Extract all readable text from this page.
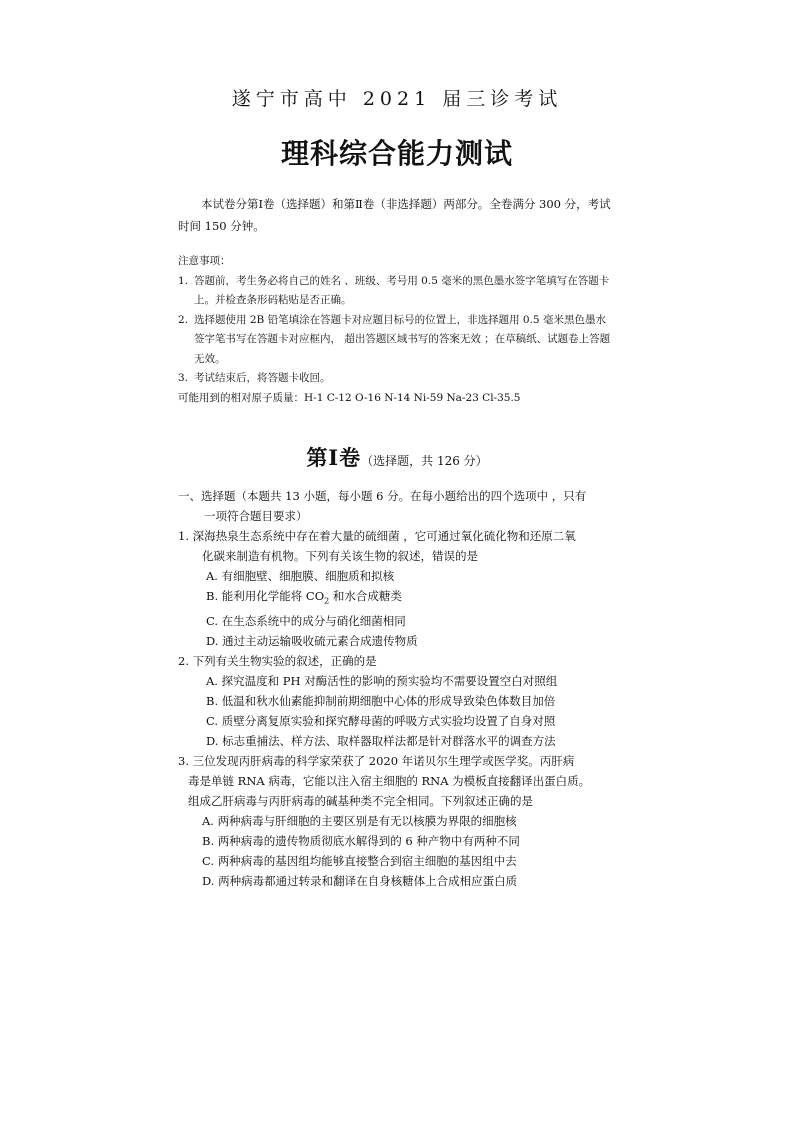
遂宁市高中 2021 届三诊考试
理科综合能力测试
本试卷分第Ⅰ卷（选择题）和第Ⅱ卷（非选择题）两部分。全卷满分 300 分，考试时间 150 分钟。
注意事项：
1. 答题前，考生务必将自己的姓名 、班级、考号用 0.5 毫米的黑色墨水签字笔填写在答题卡
上。并检查条形码粘贴是否正确。
2. 选择题使用 2B 铅笔填涂在答题卡对应题目标号的位置上，非选择题用 0.5 毫米黑色墨水
签字笔书写在答题卡对应框内， 超出答题区域书写的答案无效 ；在草稿纸、试题卷上答题
无效。
3. 考试结束后，将答题卡收回。
可能用到的相对原子质量：H-1 C-12 O-16 N-14 Ni-59 Na-23 Cl-35.5
第Ⅰ卷（选择题，共 126 分）
一、选择题（本题共 13 小题，每小题 6 分。在每小题给出的四个选项中 ，只有
一项符合题目要求）
1. 深海热泉生态系统中存在着大量的硫细菌 ，它可通过氧化硫化物和还原二氧
化碳来制造有机物。下列有关该生物的叙述，错误的是
A. 有细胞壁、细胞膜、细胞质和拟核
B. 能利用化学能将 $CO_2$ 和水合成糖类
C. 在生态系统中的成分与硝化细菌相同
D. 通过主动运输吸收硫元素合成遗传物质
2. 下列有关生物实验的叙述，正确的是
A. 探究温度和 PH 对酶活性的影响的预实验均不需要设置空白对照组
B. 低温和秋水仙素能抑制前期细胞中心体的形成导致染色体数目加倍
C. 质壁分离复原实验和探究酵母菌的呼吸方式实验均设置了自身对照
D. 标志重捕法、样方法、取样器取样法都是针对群落水平的调查方法
3. 三位发现丙肝病毒的科学家荣获了 2020 年诺贝尔生理学或医学奖。丙肝病
毒是单链 RNA 病毒，它能以注入宿主细胞的 RNA 为模板直接翻译出蛋白质。
组成乙肝病毒与丙肝病毒的碱基种类不完全相同。下列叙述正确的是
A. 两种病毒与肝细胞的主要区别是有无以核膜为界限的细胞核
B. 两种病毒的遗传物质彻底水解得到的 6 种产物中有两种不同
C. 两种病毒的基因组均能够直接整合到宿主细胞的基因组中去
D. 两种病毒都通过转录和翻译在自身核糖体上合成相应蛋白质
